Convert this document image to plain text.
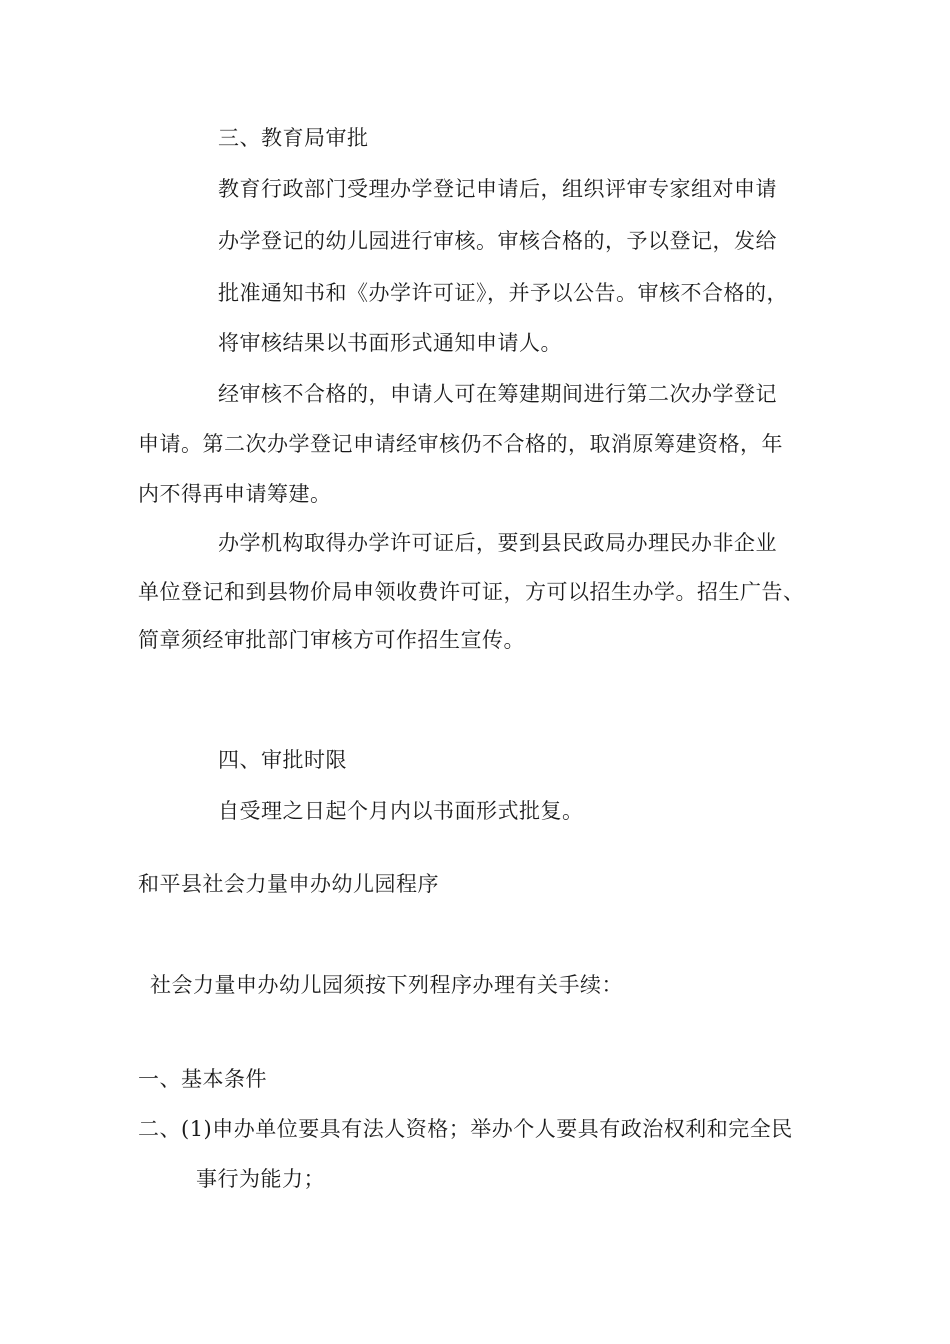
三、教育局审批
教育行政部门受理办学登记申请后，组织评审专家组对申请
办学登记的幼儿园进行审核。审核合格的，予以登记，发给
批准通知书和《办学许可证》，并予以公告。审核不合格的，
将审核结果以书面形式通知申请人。
经审核不合格的，申请人可在筹建期间进行第二次办学登记
申请。第二次办学登记申请经审核仍不合格的，取消原筹建资格，年
内不得再申请筹建。
办学机构取得办学许可证后，要到县民政局办理民办非企业
单位登记和到县物价局申领收费许可证，方可以招生办学。招生广告、
简章须经审批部门审核方可作招生宣传。
四、审批时限
自受理之日起个月内以书面形式批复。
和平县社会力量申办幼儿园程序
社会力量申办幼儿园须按下列程序办理有关手续：
一、基本条件
二、(1)申办单位要具有法人资格；举办个人要具有政治权利和完全民
事行为能力；
